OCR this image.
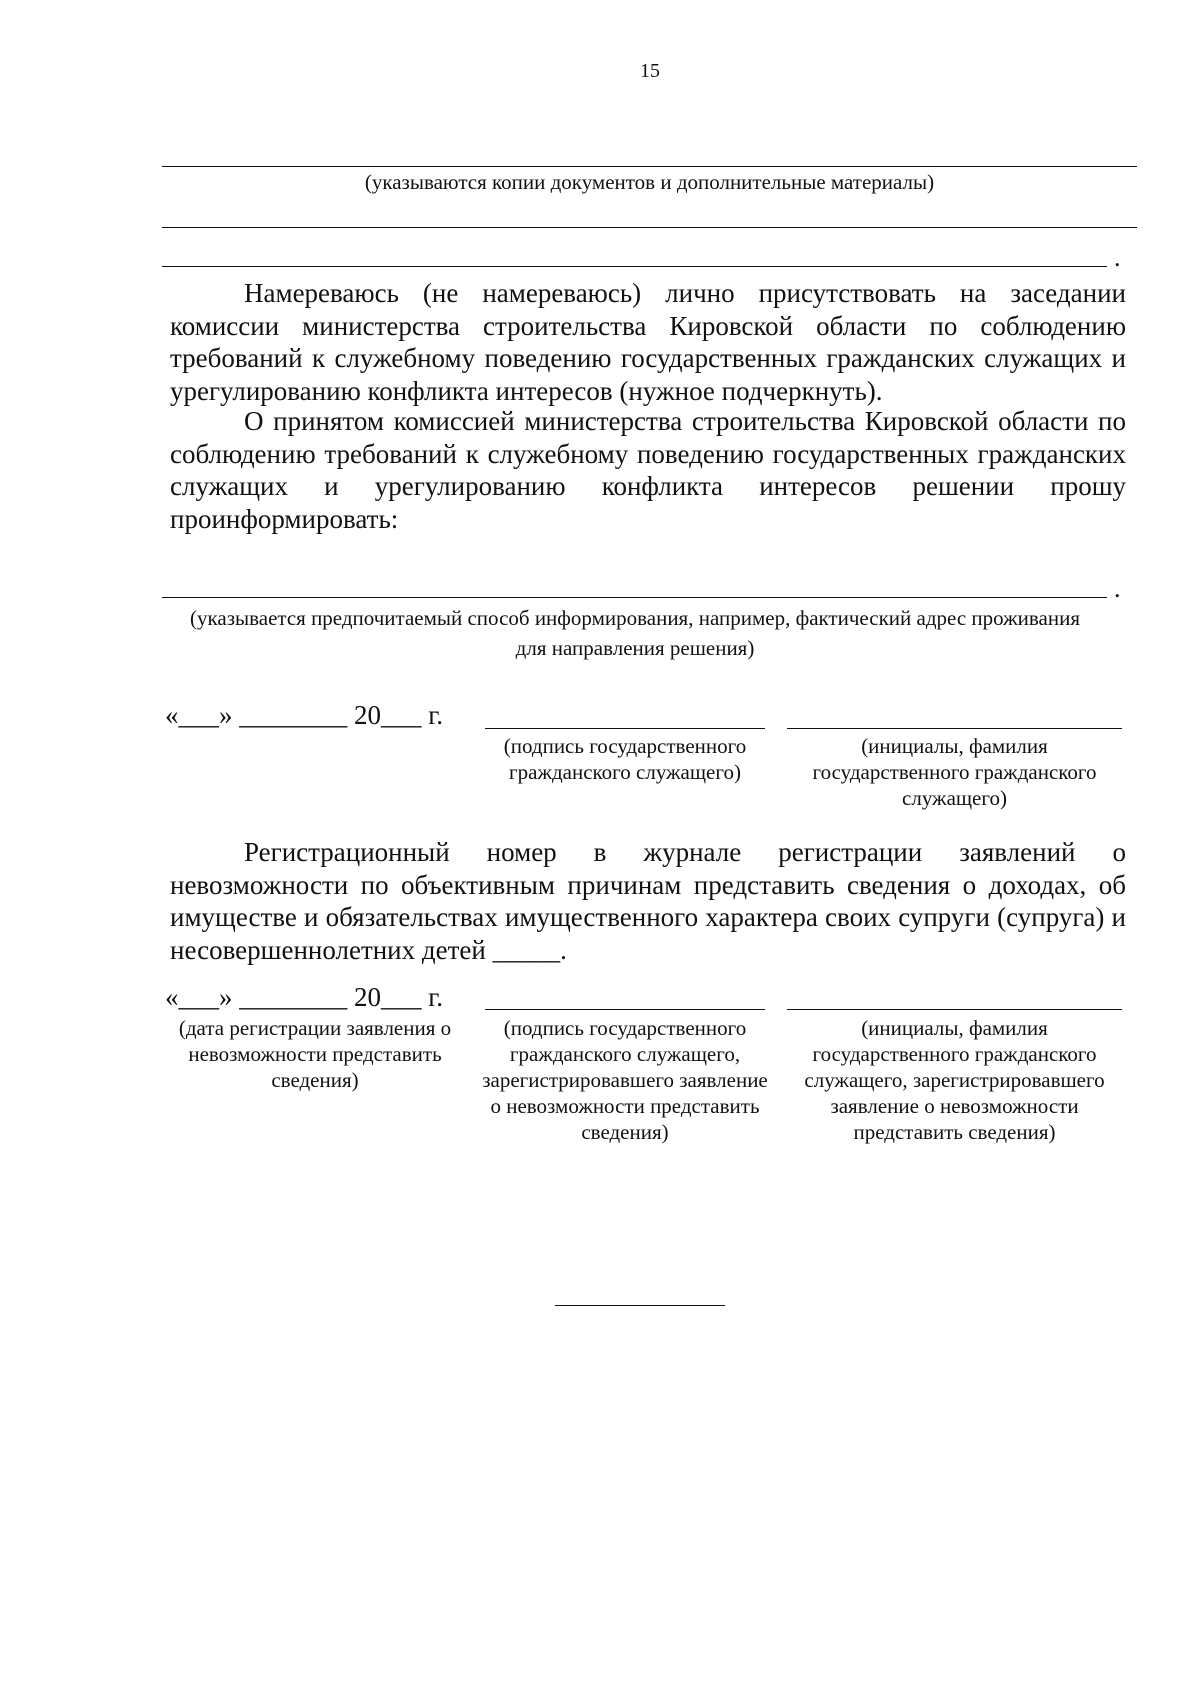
15
(указываются копии документов и дополнительные материалы)
.

Намереваюсь (не намереваюсь) лично присутствовать на заседании комиссии министерства строительства Кировской области по соблюдению требований к служебному поведению государственных гражданских служащих и урегулированию конфликта интересов (нужное подчеркнуть).

О принятом комиссией министерства строительства Кировской области по соблюдению требований к служебному поведению государственных гражданских служащих и урегулированию конфликта интересов решении прошу проинформировать:

.
(указывается предпочитаемый способ информирования, например, фактический адрес проживания для направления решения)
«___» ________ 20___ г.
(подпись государственного гражданского служащего)
(инициалы, фамилия государственного гражданского служащего)

Регистрационный номер в журнале регистрации заявлений о невозможности по объективным причинам представить сведения о доходах, об имуществе и обязательствах имущественного характера своих супруги (супруга) и несовершеннолетних детей _____.

«___» ________ 20___ г.
(дата регистрации заявления о невозможности представить сведения)
(подпись государственного гражданского служащего, зарегистрировавшего заявление о невозможности представить сведения)
(инициалы, фамилия государственного гражданского служащего, зарегистрировавшего заявление о невозможности представить сведения)
